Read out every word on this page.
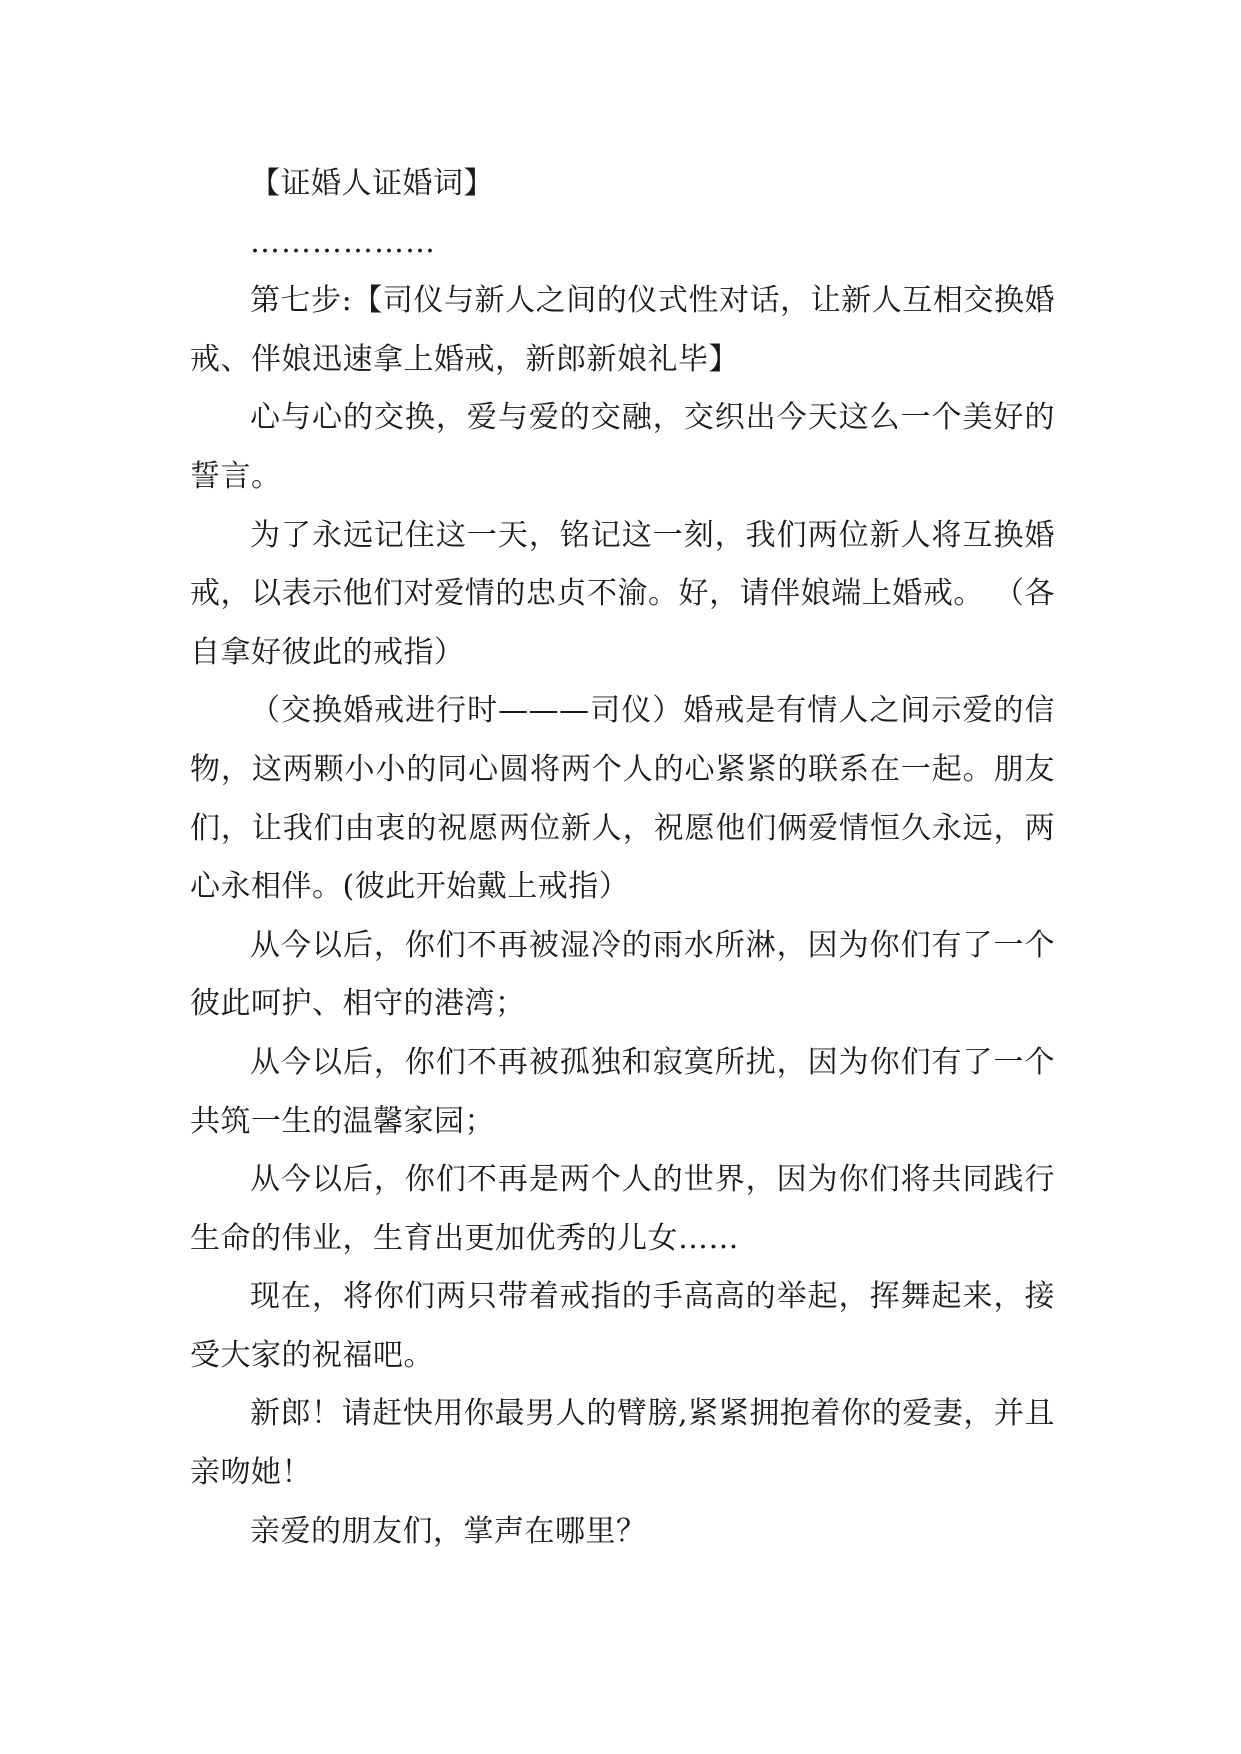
【证婚人证婚词】

………………

第七步:【司仪与新人之间的仪式性对话，让新人互相交换婚戒、伴娘迅速拿上婚戒，新郎新娘礼毕】

心与心的交换，爱与爱的交融，交织出今天这么一个美好的誓言。

为了永远记住这一天，铭记这一刻，我们两位新人将互换婚戒，以表示他们对爱情的忠贞不渝。好，请伴娘端上婚戒。 （各自拿好彼此的戒指）

（交换婚戒进行时———司仪）婚戒是有情人之间示爱的信物，这两颗小小的同心圆将两个人的心紧紧的联系在一起。朋友们，让我们由衷的祝愿两位新人，祝愿他们俩爱情恒久永远，两心永相伴。(彼此开始戴上戒指）

从今以后，你们不再被湿冷的雨水所淋，因为你们有了一个彼此呵护、相守的港湾；

从今以后，你们不再被孤独和寂寞所扰，因为你们有了一个共筑一生的温馨家园；

从今以后，你们不再是两个人的世界，因为你们将共同践行生命的伟业，生育出更加优秀的儿女……

现在，将你们两只带着戒指的手高高的举起，挥舞起来，接受大家的祝福吧。

新郎！请赶快用你最男人的臂膀,紧紧拥抱着你的爱妻，并且亲吻她！

亲爱的朋友们，掌声在哪里？
